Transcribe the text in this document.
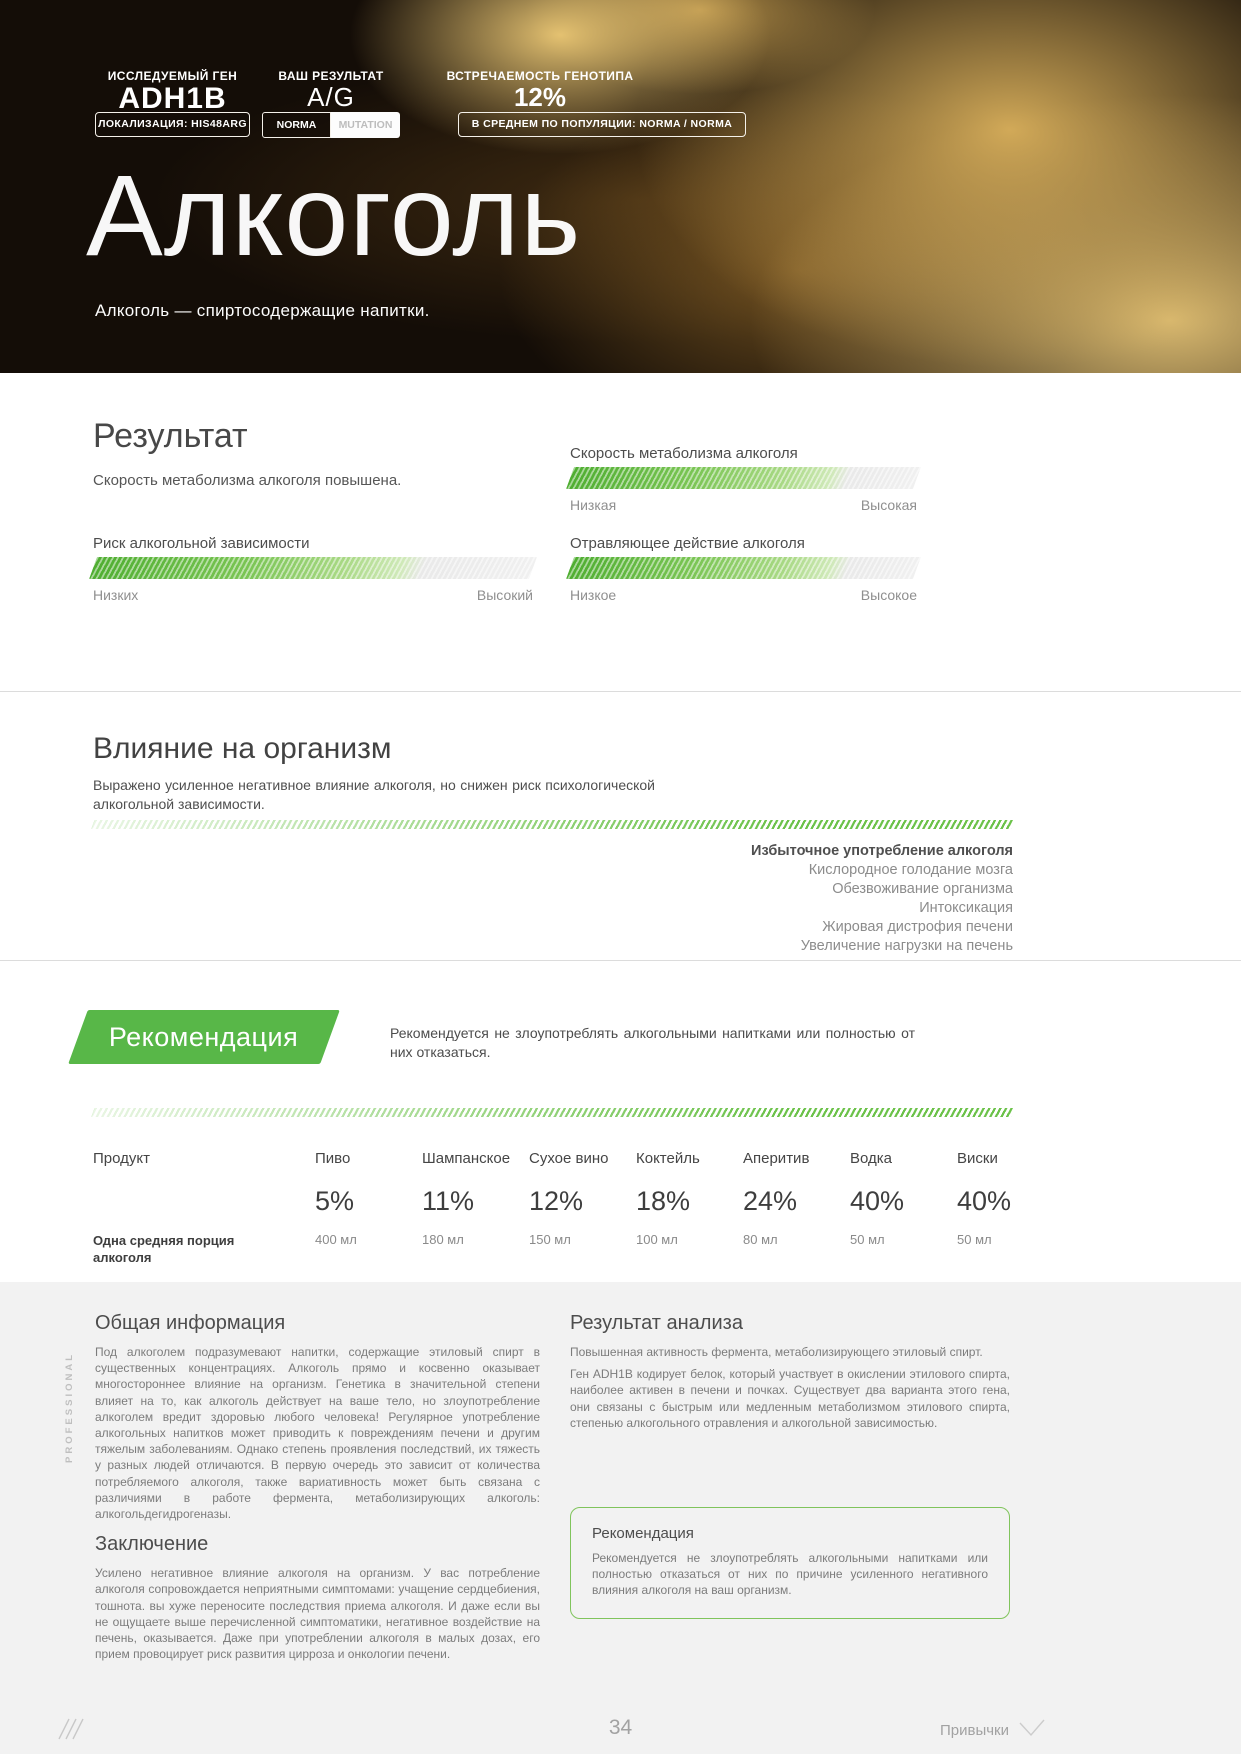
ИССЛЕДУЕМЫЙ ГЕН
ADH1B
ЛОКАЛИЗАЦИЯ: HIS48ARG
ВАШ РЕЗУЛЬТАТ
A/G
NORMA	MUTATION
ВСТРЕЧАЕМОСТЬ ГЕНОТИПА
12%
В СРЕДНЕМ ПО ПОПУЛЯЦИИ: NORMA / NORMA
Алкоголь

Алкоголь — спиртосодержащие напитки.

Результат

Скорость метаболизма алкоголя повышена.

Скорость метаболизма алкоголя
Низкая	Высокая
Риск алкогольной зависимости
Низких	Высокий
Отравляющее действие алкоголя
Низкое	Высокое
Влияние на организм

Выражено усиленное негативное влияние алкоголя, но снижен риск психологической алкогольной зависимости.

Избыточное употребление алкоголя
Кислородное голодание мозга
Обезвоживание организма
Интоксикация
Жировая дистрофия печени
Увеличение нагрузки на печень
Рекомендация	Рекомендуется не злоупотреблять алкогольными напитками или полностью от них отказаться.

Продукт	Пиво	Шампанское	Сухое вино	Коктейль	Аперитив	Водка	Виски
5%	11%	12%	18%	24%	40%	40%
Одна средняя порция алкоголя
400 мл	180 мл	150 мл	100 мл	80 мл	50 мл	50 мл
PROFESSIONAL
Общая информация

Под алкоголем подразумевают напитки, содержащие этиловый спирт в существенных концентрациях. Алкоголь прямо и косвенно оказывает многостороннее влияние на организм. Генетика в значительной степени влияет на то, как алкоголь действует на ваше тело, но злоупотребление алкоголем вредит здоровью любого человека! Регулярное употребление алкогольных напитков может приводить к повреждениям печени и другим тяжелым заболеваниям. Однако степень проявления последствий, их тяжесть у разных людей отличаются. В первую очередь это зависит от количества потребляемого алкоголя, также вариативность может быть связана с различиями в работе фермента, метаболизирующих алкоголь: алкогольдегидрогеназы.

Заключение

Усилено негативное влияние алкоголя на организм. У вас потребление алкоголя сопровождается неприятными симптомами: учащение сердцебиения, тошнота. вы хуже переносите последствия приема алкоголя. И даже если вы не ощущаете выше перечисленной симптоматики, негативное воздействие на печень, оказывается. Даже при употреблении алкоголя в малых дозах, его прием провоцирует риск развития цирроза и онкологии печени.

Результат анализа

Повышенная активность фермента, метаболизирующего этиловый спирт.

Ген ADH1B кодирует белок, который участвует в окислении этилового спирта, наиболее активен в печени и почках. Существует два варианта этого гена, они связаны с быстрым или медленным метаболизмом этилового спирта, степенью алкогольного отравления и алкогольной зависимостью.

Рекомендация

Рекомендуется не злоупотреблять алкогольными напитками или полностью отказаться от них по причине усиленного негативного влияния алкоголя на ваш организм.

34	Привычки
